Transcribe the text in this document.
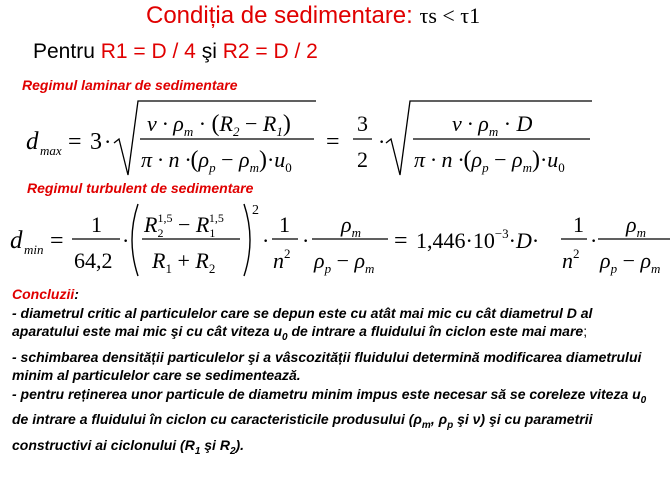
Condiția de sedimentare: τs < τ1
Pentru R1 = D / 4 şi R2 = D / 2
Regimul laminar de sedimentare
d max = 3 ·
$\nu \cdot \rho_m \cdot (R_2 - R_1)$
$\pi \cdot n \cdot(\rho_p - \rho_m)\cdot u_0$
=
3
2
·
$\nu \cdot \rho_m \cdot D$
$\pi \cdot n \cdot(\rho_p - \rho_m)\cdot u_0$
Regimul turbulent de sedimentare
d min =
1
64,2
·
$R_21,5 - R_11,5$
$R_1 + R_2$
2
·
1
$n^2$
·
$\rho_m$
$\rho_p - \rho_m$
= $1,446\cdot 10^{-3}\cdot D\cdot$
1
$n^2$
·
$\rho_m$
$\rho_p - \rho_m$

Concluzii:

- diametrul critic al particulelor care se depun este cu atât mai mic cu cât diametrul D al aparatului este mai mic şi cu cât viteza $u_0$ de intrare a fluidului în ciclon este mai mare;

- schimbarea densității particulelor şi a vâscozității fluidului determină modificarea diametrului minim al particulelor care se sedimentează.

- pentru reținerea unor particule de diametru minim impus este necesar să se coreleze viteza $u_0$ de intrare a fluidului în ciclon cu caracteristicile produsului ($\rho_m$, $\rho_p$ şi ν) şi cu parametrii constructivi ai ciclonului ($R_1$ şi $R_2$).
